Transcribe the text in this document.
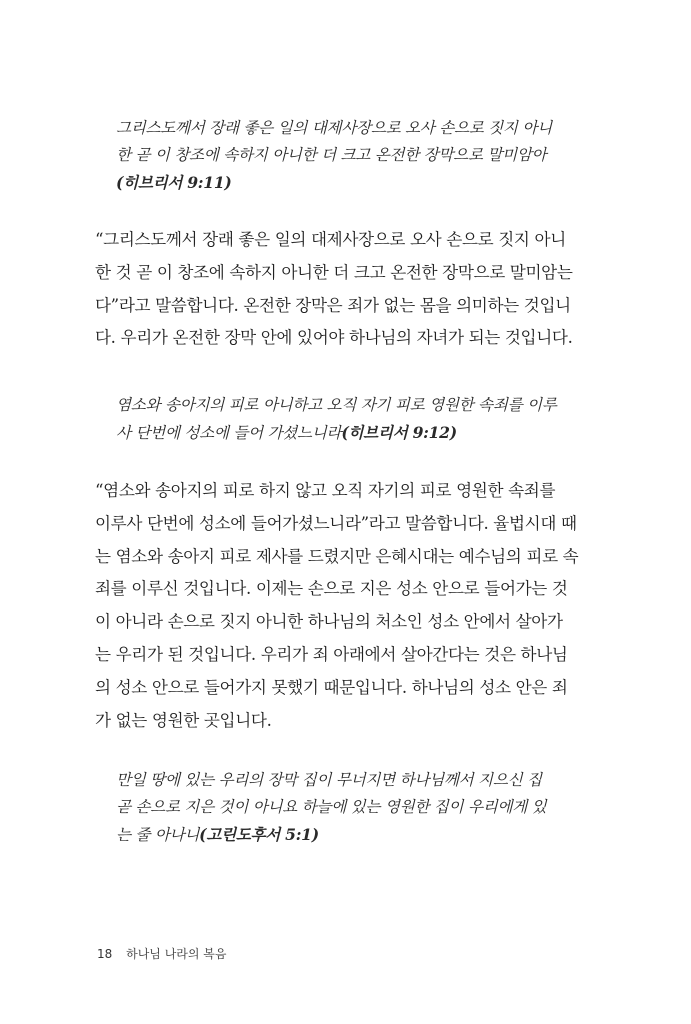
그리스도께서 장래 좋은 일의 대제사장으로 오사 손으로 짓지 아니
한 곧 이 창조에 속하지 아니한 더 크고 온전한 장막으로 말미암아
(히브리서 9:11)
“그리스도께서 장래 좋은 일의 대제사장으로 오사 손으로 짓지 아니
한 것 곧 이 창조에 속하지 아니한 더 크고 온전한 장막으로 말미암는
다”라고 말씀합니다. 온전한 장막은 죄가 없는 몸을 의미하는 것입니
다. 우리가 온전한 장막 안에 있어야 하나님의 자녀가 되는 것입니다.
염소와 송아지의 피로 아니하고 오직 자기 피로 영원한 속죄를 이루
사 단번에 성소에 들어 가셨느니라(히브리서 9:12)
“염소와 송아지의 피로 하지 않고 오직 자기의 피로 영원한 속죄를
이루사 단번에 성소에 들어가셨느니라”라고 말씀합니다. 율법시대 때
는 염소와 송아지 피로 제사를 드렸지만 은혜시대는 예수님의 피로 속
죄를 이루신 것입니다. 이제는 손으로 지은 성소 안으로 들어가는 것
이 아니라 손으로 짓지 아니한 하나님의 처소인 성소 안에서 살아가
는 우리가 된 것입니다. 우리가 죄 아래에서 살아간다는 것은 하나님
의 성소 안으로 들어가지 못했기 때문입니다. 하나님의 성소 안은 죄
가 없는 영원한 곳입니다.
만일 땅에 있는 우리의 장막 집이 무너지면 하나님께서 지으신 집
곧 손으로 지은 것이 아니요 하늘에 있는 영원한 집이 우리에게 있
는 줄 아나니(고린도후서 5:1)
18 하나님 나라의 복음
